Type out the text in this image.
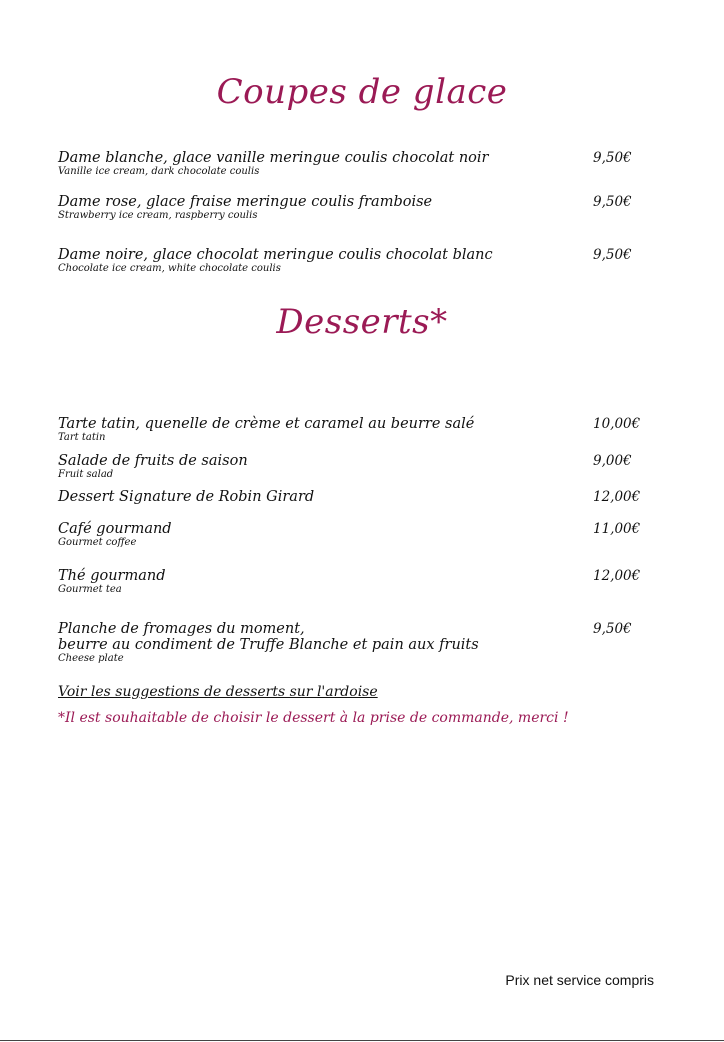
Coupes de glace
Dame blanche, glace vanille meringue coulis chocolat noir
Vanille ice cream, dark chocolate coulis
9,50€
Dame rose, glace fraise meringue coulis framboise
Strawberry ice cream, raspberry coulis
9,50€
Dame noire, glace chocolat meringue coulis chocolat blanc
Chocolate ice cream, white chocolate coulis
9,50€
Desserts*
Tarte tatin, quenelle de crème et caramel au beurre salé
Tart tatin
10,00€
Salade de fruits de saison
Fruit salad
9,00€
Dessert Signature de Robin Girard	12,00€
Café gourmand
Gourmet coffee
11,00€
Thé gourmand
Gourmet tea
12,00€
Planche de fromages du moment,
beurre au condiment de Truffe Blanche et pain aux fruits
Cheese plate
9,50€
Voir les suggestions de desserts sur l'ardoise
*Il est souhaitable de choisir le dessert à la prise de commande, merci !
Prix net service compris
